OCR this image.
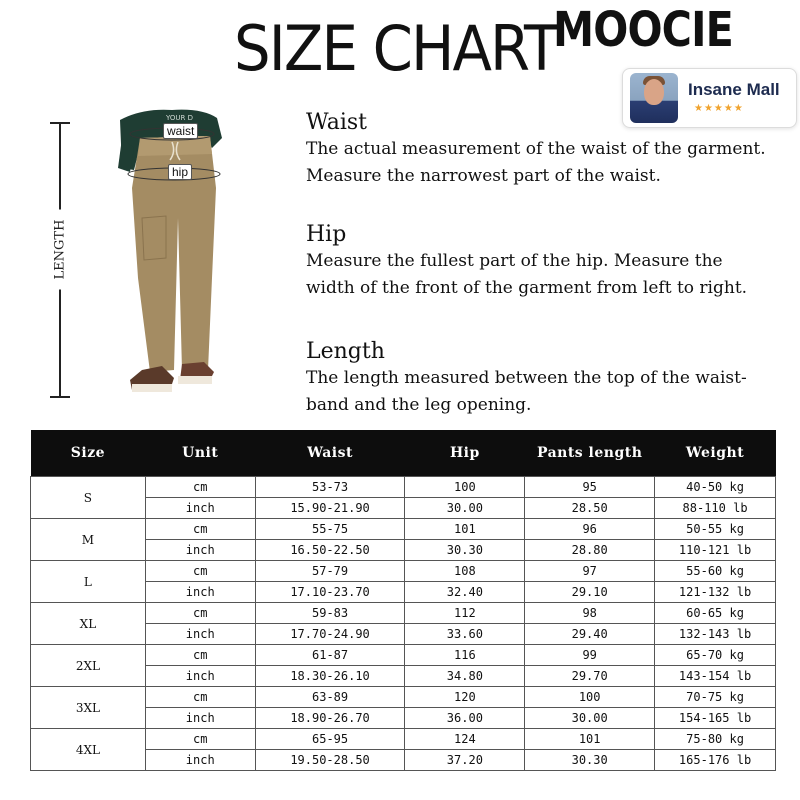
SIZE CHART
MOOCIE
Insane Mall
★★★★★
LENGTH
YOUR D
waist
hip
Waist

The actual measurement of the waist of the garment.

Measure the narrowest part of the waist.

Hip

Measure the fullest part of the hip. Measure the

width of the front of the garment from left to right.

Length

The length measured between the top of the waist-

band and the leg opening.

Size	Unit	Waist	Hip	Pants length	Weight
S	cm	53-73	100	95	40-50 kg
	inch	15.90-21.90	30.00	28.50	88-110 lb
M	cm	55-75	101	96	50-55 kg
	inch	16.50-22.50	30.30	28.80	110-121 lb
L	cm	57-79	108	97	55-60 kg
	inch	17.10-23.70	32.40	29.10	121-132 lb
XL	cm	59-83	112	98	60-65 kg
	inch	17.70-24.90	33.60	29.40	132-143 lb
2XL	cm	61-87	116	99	65-70 kg
	inch	18.30-26.10	34.80	29.70	143-154 lb
3XL	cm	63-89	120	100	70-75 kg
	inch	18.90-26.70	36.00	30.00	154-165 lb
4XL	cm	65-95	124	101	75-80 kg
	inch	19.50-28.50	37.20	30.30	165-176 lb
